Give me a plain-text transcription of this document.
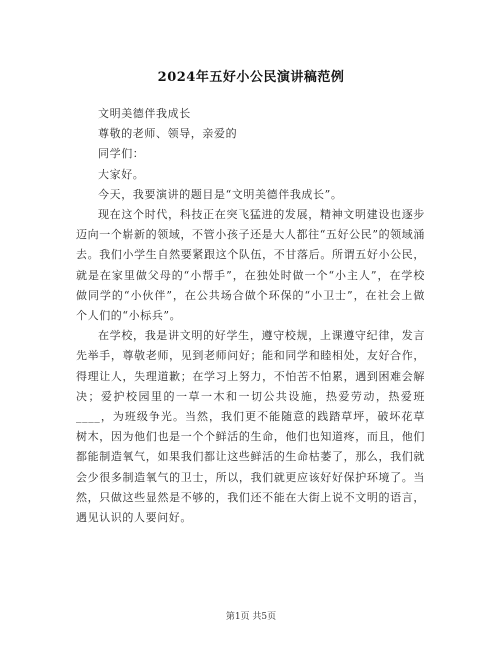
2024年五好小公民演讲稿范例

文明美德伴我成长

尊敬的老师、领导，亲爱的

同学们：

大家好。

今天，我要演讲的题目是“文明美德伴我成长”。

现在这个时代，科技正在突飞猛进的发展，精神文明建设也逐步迈向一个崭新的领域，不管小孩子还是大人都往“五好公民”的领域涌去。我们小学生自然要紧跟这个队伍，不甘落后。所谓五好小公民，就是在家里做父母的“小帮手”，在独处时做一个“小主人”，在学校做同学的“小伙伴”，在公共场合做个环保的“小卫士”，在社会上做个人们的“小标兵”。

在学校，我是讲文明的好学生，遵守校规，上课遵守纪律，发言先举手，尊敬老师，见到老师问好；能和同学和睦相处，友好合作，得理让人，失理道歉；在学习上努力，不怕苦不怕累，遇到困难会解决；爱护校园里的一草一木和一切公共设施，热爱劳动，热爱班____，为班级争光。当然，我们更不能随意的践踏草坪，破坏花草树木，因为他们也是一个个鲜活的生命，他们也知道疼，而且，他们都能制造氧气，如果我们都让这些鲜活的生命枯萎了，那么，我们就会少很多制造氧气的卫士，所以，我们就更应该好好保护环境了。当然，只做这些显然是不够的，我们还不能在大街上说不文明的语言，遇见认识的人要问好。

第1页 共5页
